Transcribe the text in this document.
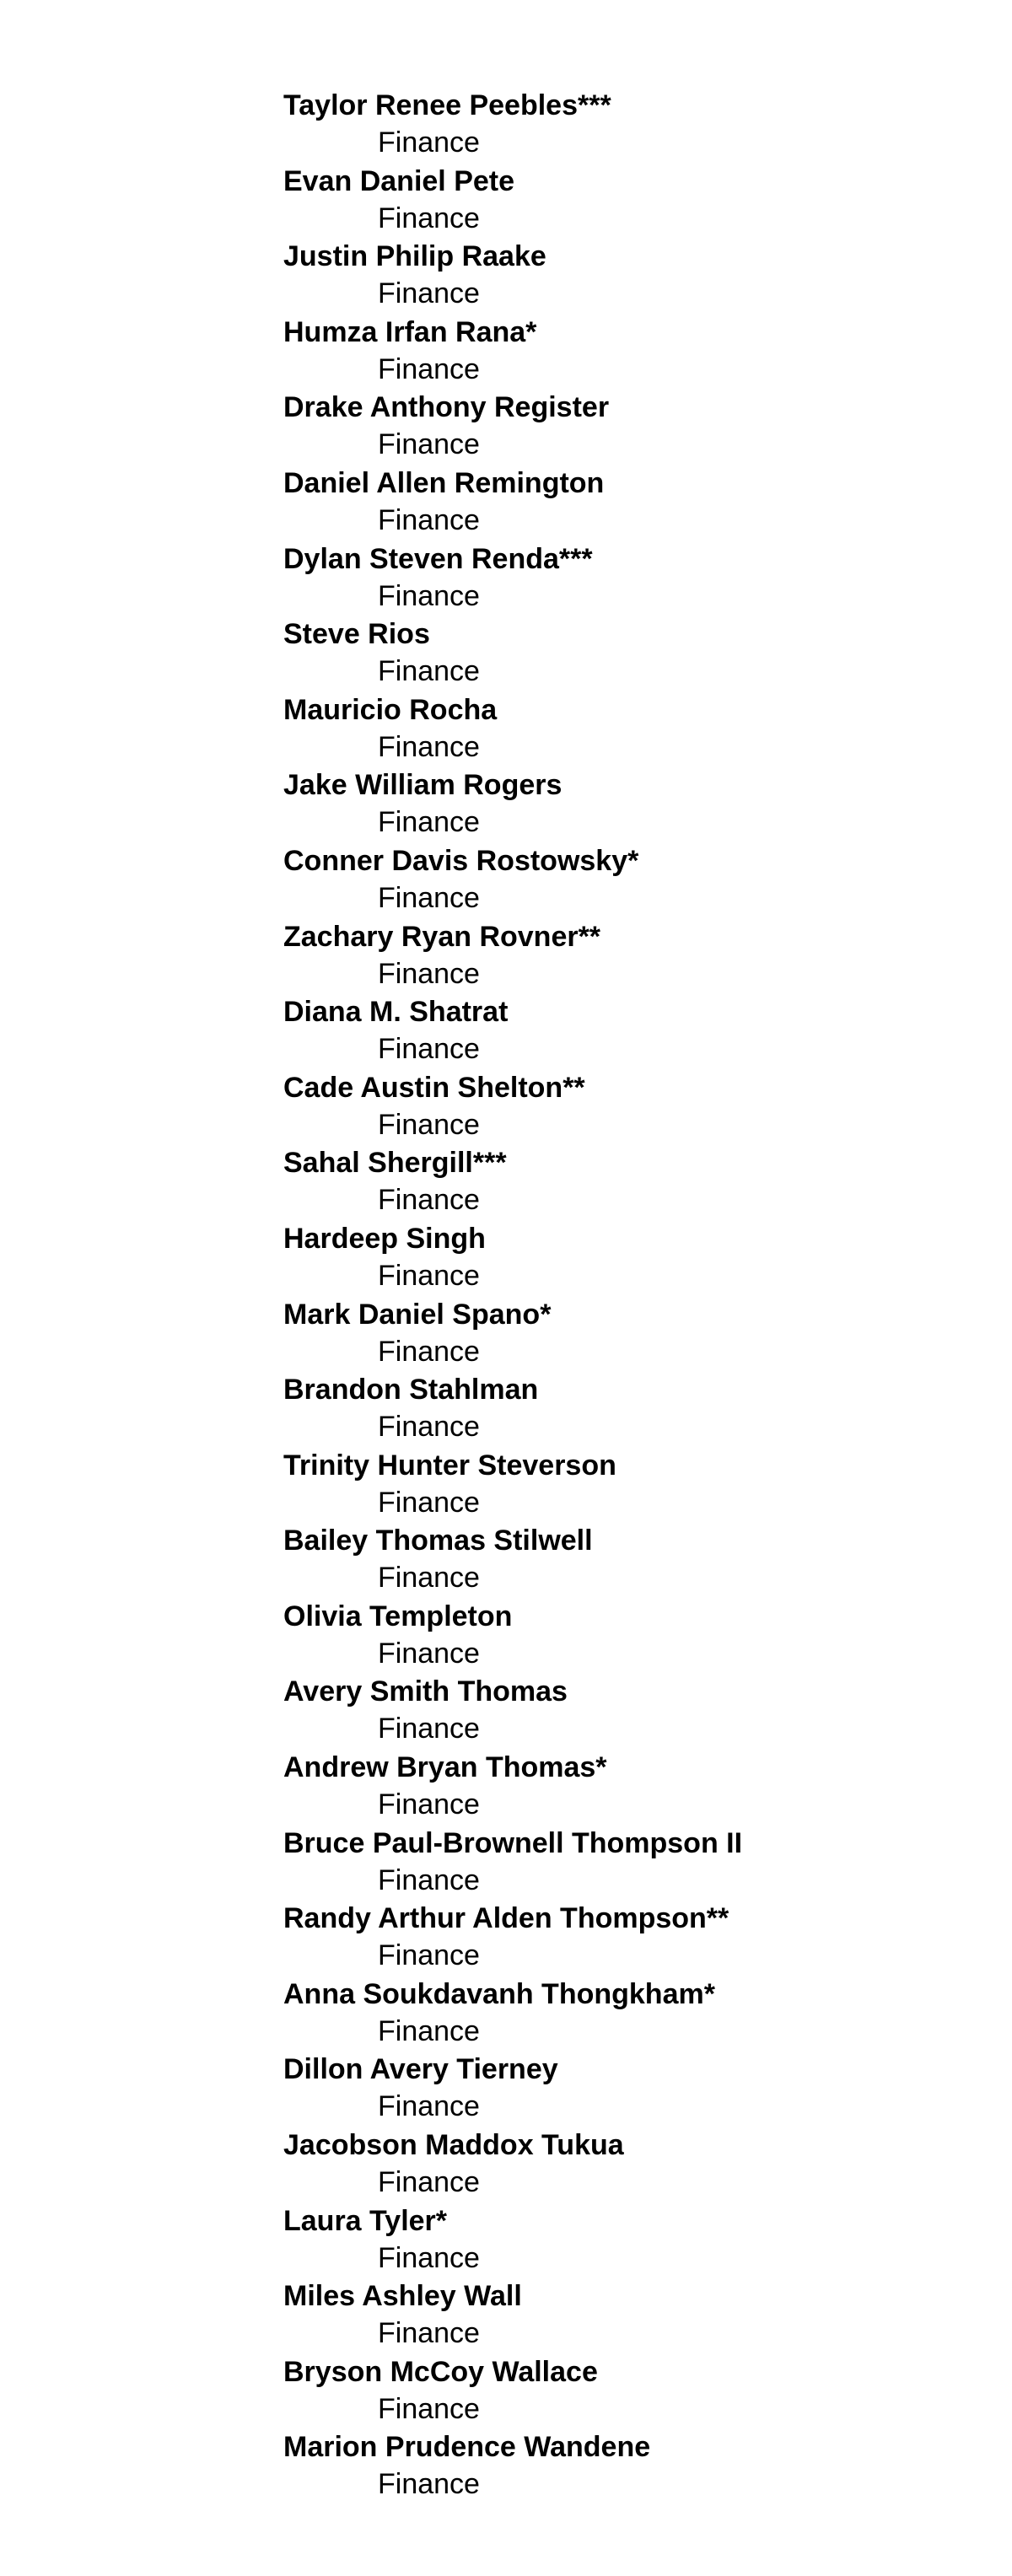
Taylor Renee Peebles***
Finance
Evan Daniel Pete
Finance
Justin Philip Raake
Finance
Humza Irfan Rana*
Finance
Drake Anthony Register
Finance
Daniel Allen Remington
Finance
Dylan Steven Renda***
Finance
Steve Rios
Finance
Mauricio Rocha
Finance
Jake William Rogers
Finance
Conner Davis Rostowsky*
Finance
Zachary Ryan Rovner**
Finance
Diana M. Shatrat
Finance
Cade Austin Shelton**
Finance
Sahal Shergill***
Finance
Hardeep Singh
Finance
Mark Daniel Spano*
Finance
Brandon Stahlman
Finance
Trinity Hunter Steverson
Finance
Bailey Thomas Stilwell
Finance
Olivia Templeton
Finance
Avery Smith Thomas
Finance
Andrew Bryan Thomas*
Finance
Bruce Paul-Brownell Thompson II
Finance
Randy Arthur Alden Thompson**
Finance
Anna Soukdavanh Thongkham*
Finance
Dillon Avery Tierney
Finance
Jacobson Maddox Tukua
Finance
Laura Tyler*
Finance
Miles Ashley Wall
Finance
Bryson McCoy Wallace
Finance
Marion Prudence Wandene
Finance
